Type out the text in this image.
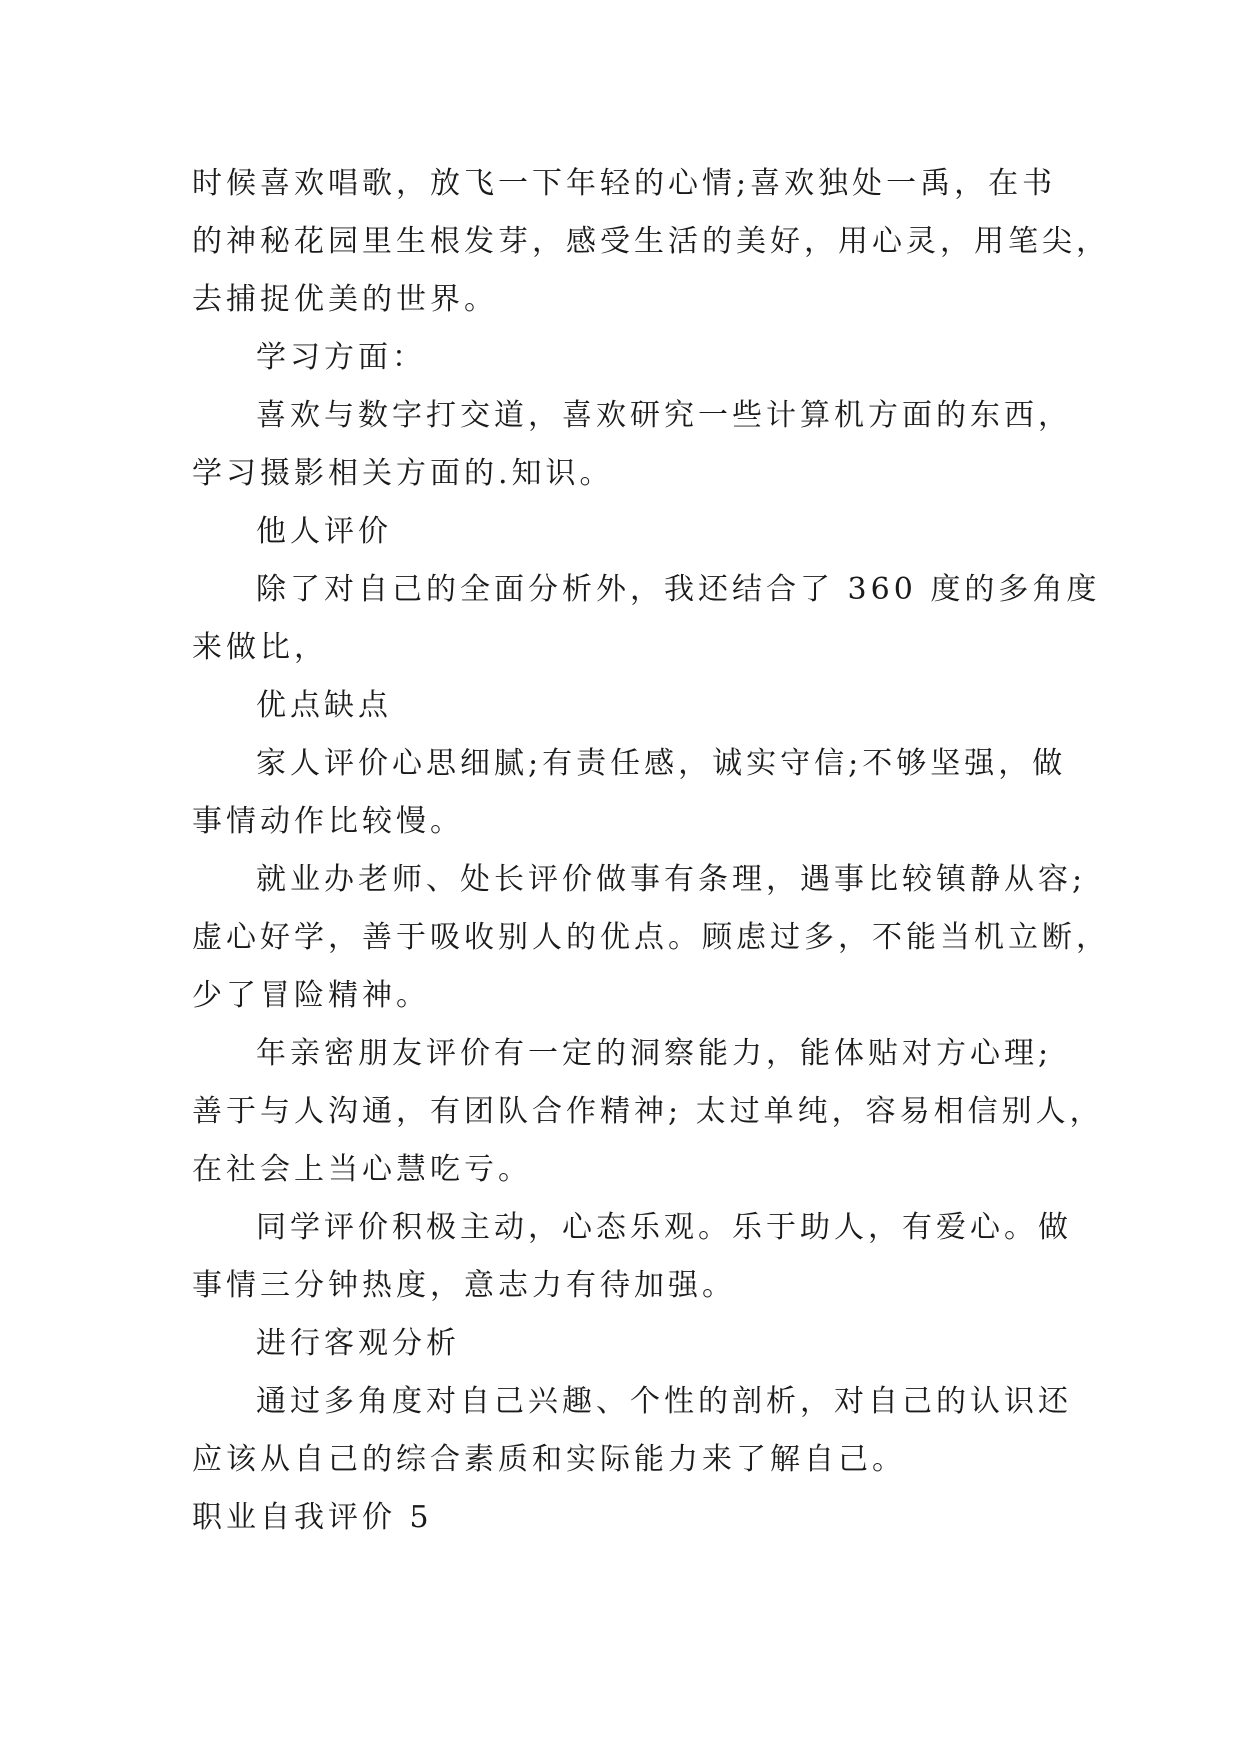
时候喜欢唱歌，放飞一下年轻的心情;喜欢独处一禹，在书

的神秘花园里生根发芽，感受生活的美好，用心灵，用笔尖，

去捕捉优美的世界。

学习方面：

喜欢与数字打交道，喜欢研究一些计算机方面的东西，

学习摄影相关方面的.知识。

他人评价

除了对自己的全面分析外，我还结合了 360 度的多角度

来做比，

优点缺点

家人评价心思细腻;有责任感，诚实守信;不够坚强，做

事情动作比较慢。

就业办老师、处长评价做事有条理，遇事比较镇静从容;

虚心好学，善于吸收别人的优点。顾虑过多，不能当机立断，

少了冒险精神。

年亲密朋友评价有一定的洞察能力，能体贴对方心理;

善于与人沟通，有团队合作精神; 太过单纯，容易相信别人，

在社会上当心慧吃亏。

同学评价积极主动，心态乐观。乐于助人，有爱心。做

事情三分钟热度，意志力有待加强。

进行客观分析

通过多角度对自己兴趣、个性的剖析，对自己的认识还

应该从自己的综合素质和实际能力来了解自己。

职业自我评价 5
